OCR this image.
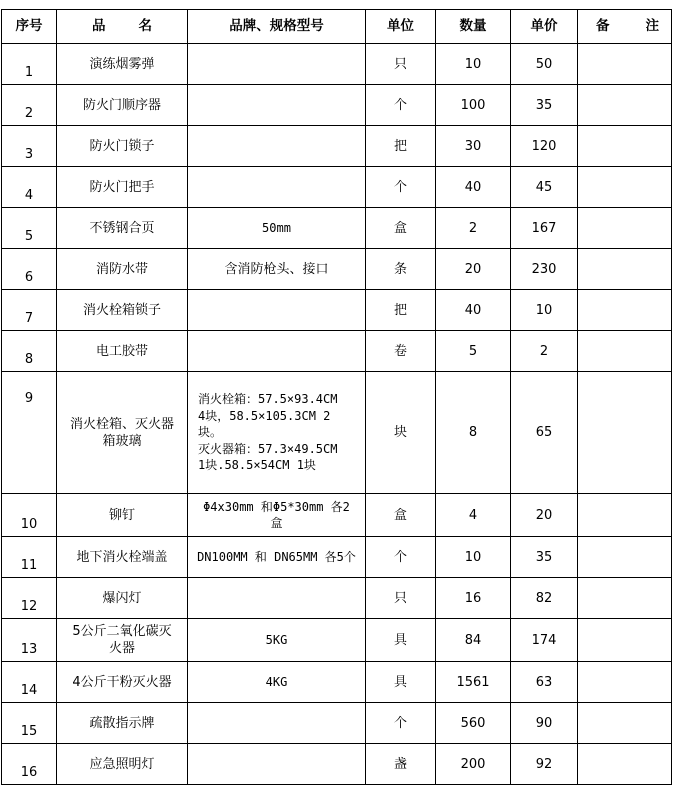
序号	品 名	品牌、规格型号	单位	数量	单价	备 注

1	演练烟雾弹		只	10	50	
2	防火门顺序器		个	100	35	
3	防火门锁子		把	30	120	
4	防火门把手		个	40	45	
5	不锈钢合页	50mm	盒	2	167	
6	消防水带	含消防枪头、接口	条	20	230	
7	消火栓箱锁子		把	40	10	
8	电工胶带		卷	5	2	
9	消火栓箱、灭火器
箱玻璃	消火栓箱：57.5×93.4CM
4块，58.5×105.3CM 2
块。
灭火器箱：57.3×49.5CM
1块.58.5×54CM 1块	块	8	65	
10	铆钉	Φ4x30mm 和Φ5*30mm 各2
盒	盒	4	20	
11	地下消火栓端盖	DN100MM 和 DN65MM 各5个	个	10	35	
12	爆闪灯		只	16	82	
13	5公斤二氧化碳灭
火器	5KG	具	84	174	
14	4公斤干粉灭火器	4KG	具	1561	63	
15	疏散指示牌		个	560	90	
16	应急照明灯		盏	200	92	
